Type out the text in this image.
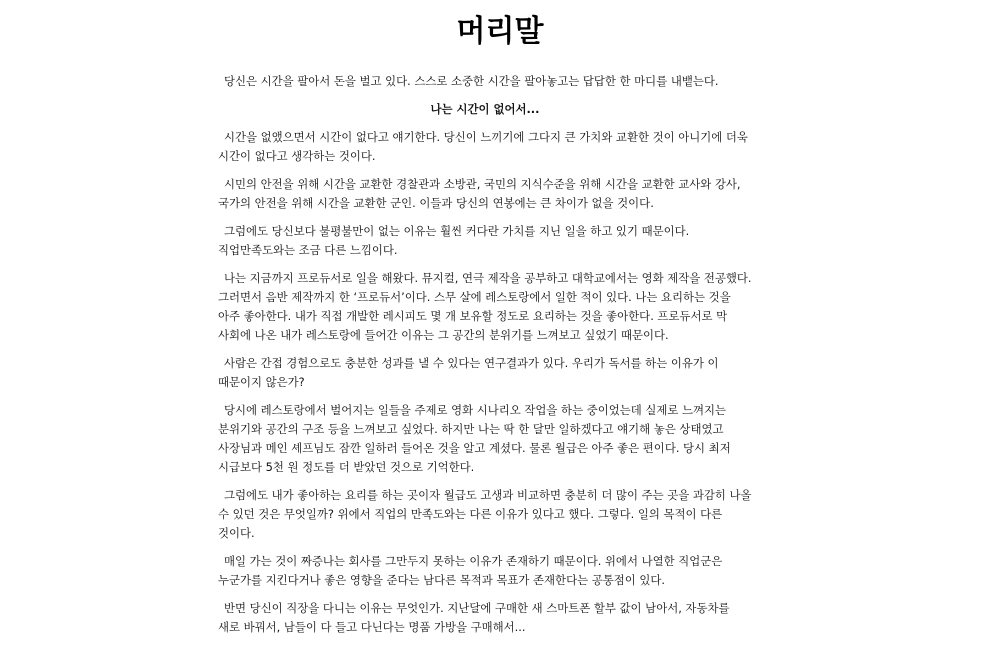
머리말

당신은 시간을 팔아서 돈을 벌고 있다. 스스로 소중한 시간을 팔아놓고는 답답한 한 마디를 내뱉는다.

나는 시간이 없어서...

시간을 없앴으면서 시간이 없다고 얘기한다. 당신이 느끼기에 그다지 큰 가치와 교환한 것이 아니기에 더욱 시간이 없다고 생각하는 것이다.

시민의 안전을 위해 시간을 교환한 경찰관과 소방관, 국민의 지식수준을 위해 시간을 교환한 교사와 강사, 국가의 안전을 위해 시간을 교환한 군인. 이들과 당신의 연봉에는 큰 차이가 없을 것이다.

그럼에도 당신보다 불평불만이 없는 이유는 훨씬 커다란 가치를 지닌 일을 하고 있기 때문이다. 직업만족도와는 조금 다른 느낌이다.

나는 지금까지 프로듀서로 일을 해왔다. 뮤지컬, 연극 제작을 공부하고 대학교에서는 영화 제작을 전공했다. 그러면서 음반 제작까지 한 ‘프로듀서’이다. 스무 살에 레스토랑에서 일한 적이 있다. 나는 요리하는 것을 아주 좋아한다. 내가 직접 개발한 레시피도 몇 개 보유할 정도로 요리하는 것을 좋아한다. 프로듀서로 막 사회에 나온 내가 레스토랑에 들어간 이유는 그 공간의 분위기를 느껴보고 싶었기 때문이다.

사람은 간접 경험으로도 충분한 성과를 낼 수 있다는 연구결과가 있다. 우리가 독서를 하는 이유가 이 때문이지 않은가?

당시에 레스토랑에서 벌어지는 일들을 주제로 영화 시나리오 작업을 하는 중이었는데 실제로 느껴지는 분위기와 공간의 구조 등을 느껴보고 싶었다. 하지만 나는 딱 한 달만 일하겠다고 얘기해 놓은 상태였고 사장님과 메인 셰프님도 잠깐 일하러 들어온 것을 알고 계셨다. 물론 월급은 아주 좋은 편이다. 당시 최저 시급보다 5천 원 정도를 더 받았던 것으로 기억한다.

그럼에도 내가 좋아하는 요리를 하는 곳이자 월급도 고생과 비교하면 충분히 더 많이 주는 곳을 과감히 나올 수 있던 것은 무엇일까? 위에서 직업의 만족도와는 다른 이유가 있다고 했다. 그렇다. 일의 목적이 다른 것이다.

매일 가는 것이 짜증나는 회사를 그만두지 못하는 이유가 존재하기 때문이다. 위에서 나열한 직업군은 누군가를 지킨다거나 좋은 영향을 준다는 남다른 목적과 목표가 존재한다는 공통점이 있다.

반면 당신이 직장을 다니는 이유는 무엇인가. 지난달에 구매한 새 스마트폰 할부 값이 남아서, 자동차를 새로 바꿔서, 남들이 다 들고 다닌다는 명품 가방을 구매해서...
